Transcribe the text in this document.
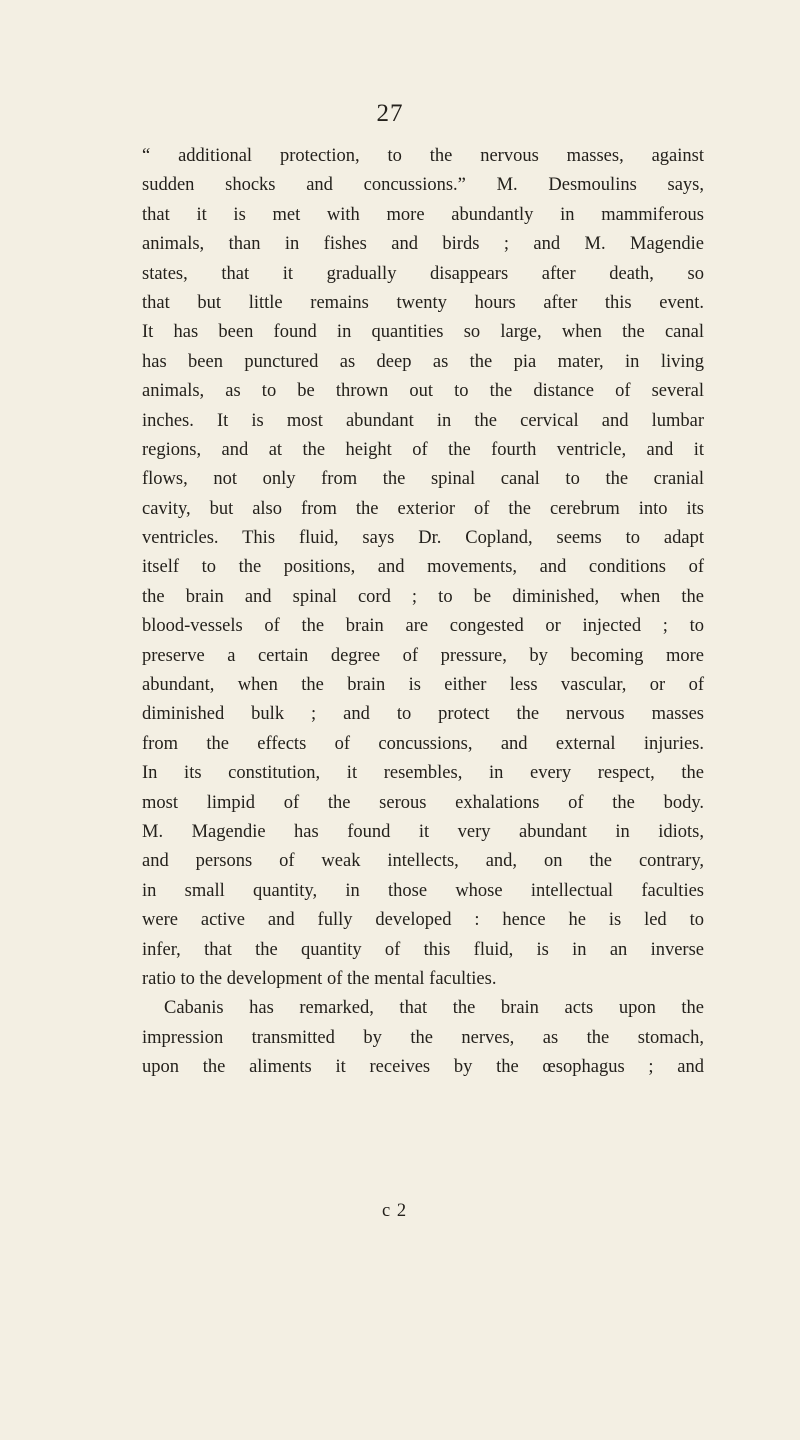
27
“ additional protection, to the nervous masses, against
sudden shocks and concussions.” M. Desmoulins says,
that it is met with more abundantly in mammiferous
animals, than in fishes and birds ; and M. Magendie
states, that it gradually disappears after death, so
that but little remains twenty hours after this event.
It has been found in quantities so large, when the canal
has been punctured as deep as the pia mater, in living
animals, as to be thrown out to the distance of several
inches. It is most abundant in the cervical and lumbar
regions, and at the height of the fourth ventricle, and it
flows, not only from the spinal canal to the cranial
cavity, but also from the exterior of the cerebrum into its
ventricles. This fluid, says Dr. Copland, seems to adapt
itself to the positions, and movements, and conditions of
the brain and spinal cord ; to be diminished, when the
blood-vessels of the brain are congested or injected ; to
preserve a certain degree of pressure, by becoming more
abundant, when the brain is either less vascular, or of
diminished bulk ; and to protect the nervous masses
from the effects of concussions, and external injuries.
In its constitution, it resembles, in every respect, the
most limpid of the serous exhalations of the body.
M. Magendie has found it very abundant in idiots,
and persons of weak intellects, and, on the contrary,
in small quantity, in those whose intellectual faculties
were active and fully developed : hence he is led to
infer, that the quantity of this fluid, is in an inverse
ratio to the development of the mental faculties.
Cabanis has remarked, that the brain acts upon the
impression transmitted by the nerves, as the stomach,
upon the aliments it receives by the œsophagus ; and
c 2
